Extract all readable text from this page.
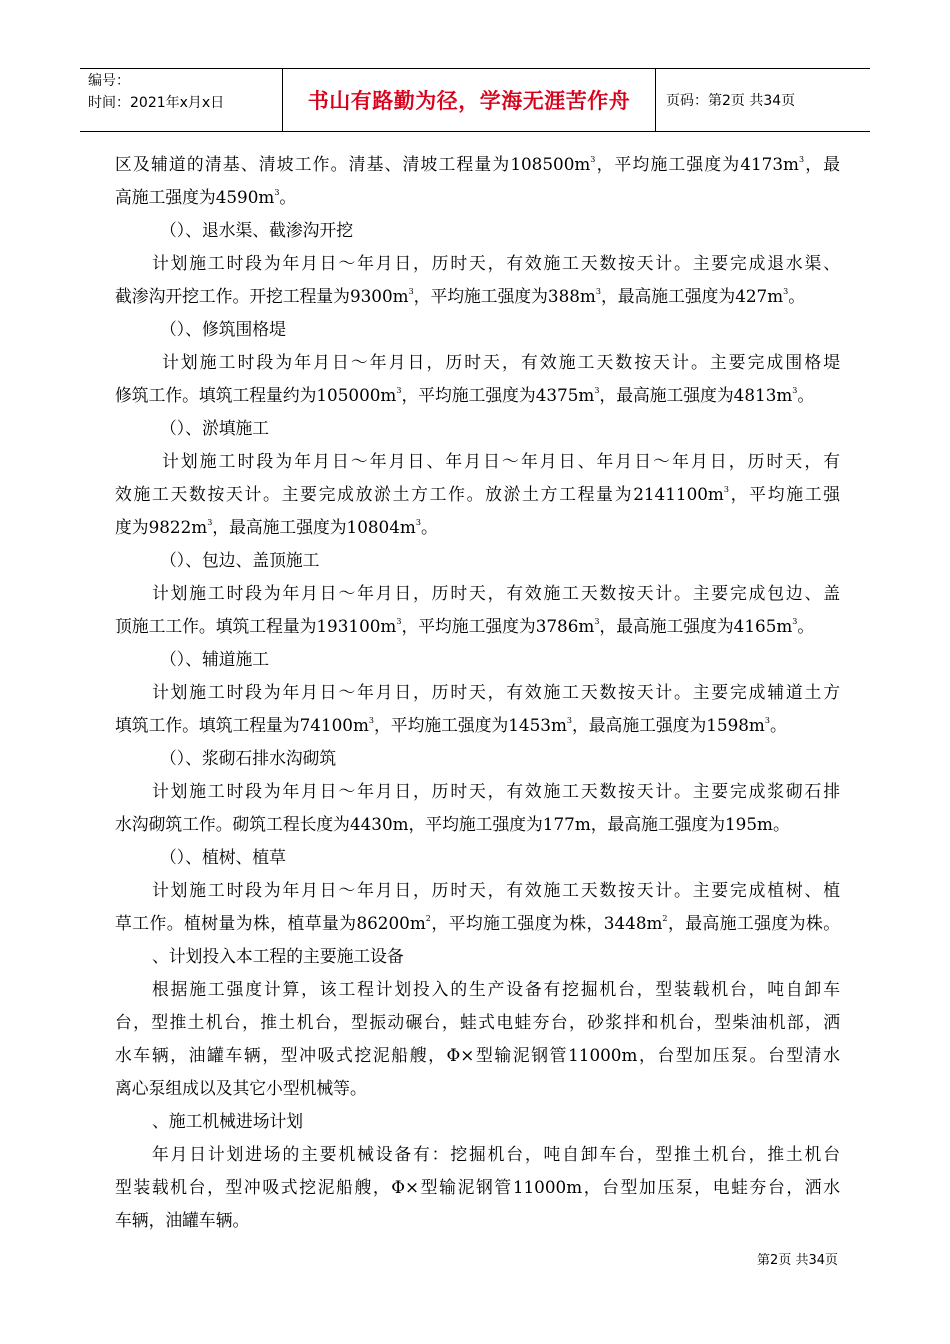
编号：
时间：2021年x月x日	书山有路勤为径，学海无涯苦作舟	页码：第2页 共34页
区及辅道的清基、清坡工作。清基、清坡工程量为$108500m^3$，平均施工强度为$4173m^3$，最
高施工强度为$4590m^3$。
（）、退水渠、截渗沟开挖
计划施工时段为年月日～年月日，历时天，有效施工天数按天计。主要完成退水渠、
截渗沟开挖工作。开挖工程量为$9300m^3$，平均施工强度为$388m^3$，最高施工强度为$427m^3$。
（）、修筑围格堤
计划施工时段为年月日～年月日，历时天，有效施工天数按天计。主要完成围格堤
修筑工作。填筑工程量约为$105000m^3$，平均施工强度为$4375m^3$，最高施工强度为$4813m^3$。
（）、淤填施工
计划施工时段为年月日～年月日、年月日～年月日、年月日～年月日，历时天，有
效施工天数按天计。主要完成放淤土方工作。放淤土方工程量为$2141100m^3$，平均施工强
度为$9822m^3$，最高施工强度为$10804m^3$。
（）、包边、盖顶施工
计划施工时段为年月日～年月日，历时天，有效施工天数按天计。主要完成包边、盖
顶施工工作。填筑工程量为$193100m^3$，平均施工强度为$3786m^3$，最高施工强度为$4165m^3$。
（）、辅道施工
计划施工时段为年月日～年月日，历时天，有效施工天数按天计。主要完成辅道土方
填筑工作。填筑工程量为$74100m^3$，平均施工强度为$1453m^3$，最高施工强度为$1598m^3$。
（）、浆砌石排水沟砌筑
计划施工时段为年月日～年月日，历时天，有效施工天数按天计。主要完成浆砌石排
水沟砌筑工作。砌筑工程长度为4430m，平均施工强度为177m，最高施工强度为195m。
（）、植树、植草
计划施工时段为年月日～年月日，历时天，有效施工天数按天计。主要完成植树、植
草工作。植树量为株，植草量为$86200m^2$，平均施工强度为株，$3448m^2$，最高施工强度为株。
、计划投入本工程的主要施工设备
根据施工强度计算，该工程计划投入的生产设备有挖掘机台，型装载机台，吨自卸车
台，型推土机台，推土机台，型振动碾台，蛙式电蛙夯台，砂浆拌和机台，型柴油机部，洒
水车辆，油罐车辆，型冲吸式挖泥船艘，Φ×型输泥钢管11000m，台型加压泵。台型清水
离心泵组成以及其它小型机械等。
、施工机械进场计划
年月日计划进场的主要机械设备有：挖掘机台，吨自卸车台，型推土机台，推土机台
型装载机台，型冲吸式挖泥船艘，Φ×型输泥钢管11000m，台型加压泵，电蛙夯台，洒水
车辆，油罐车辆。
第2页 共34页
